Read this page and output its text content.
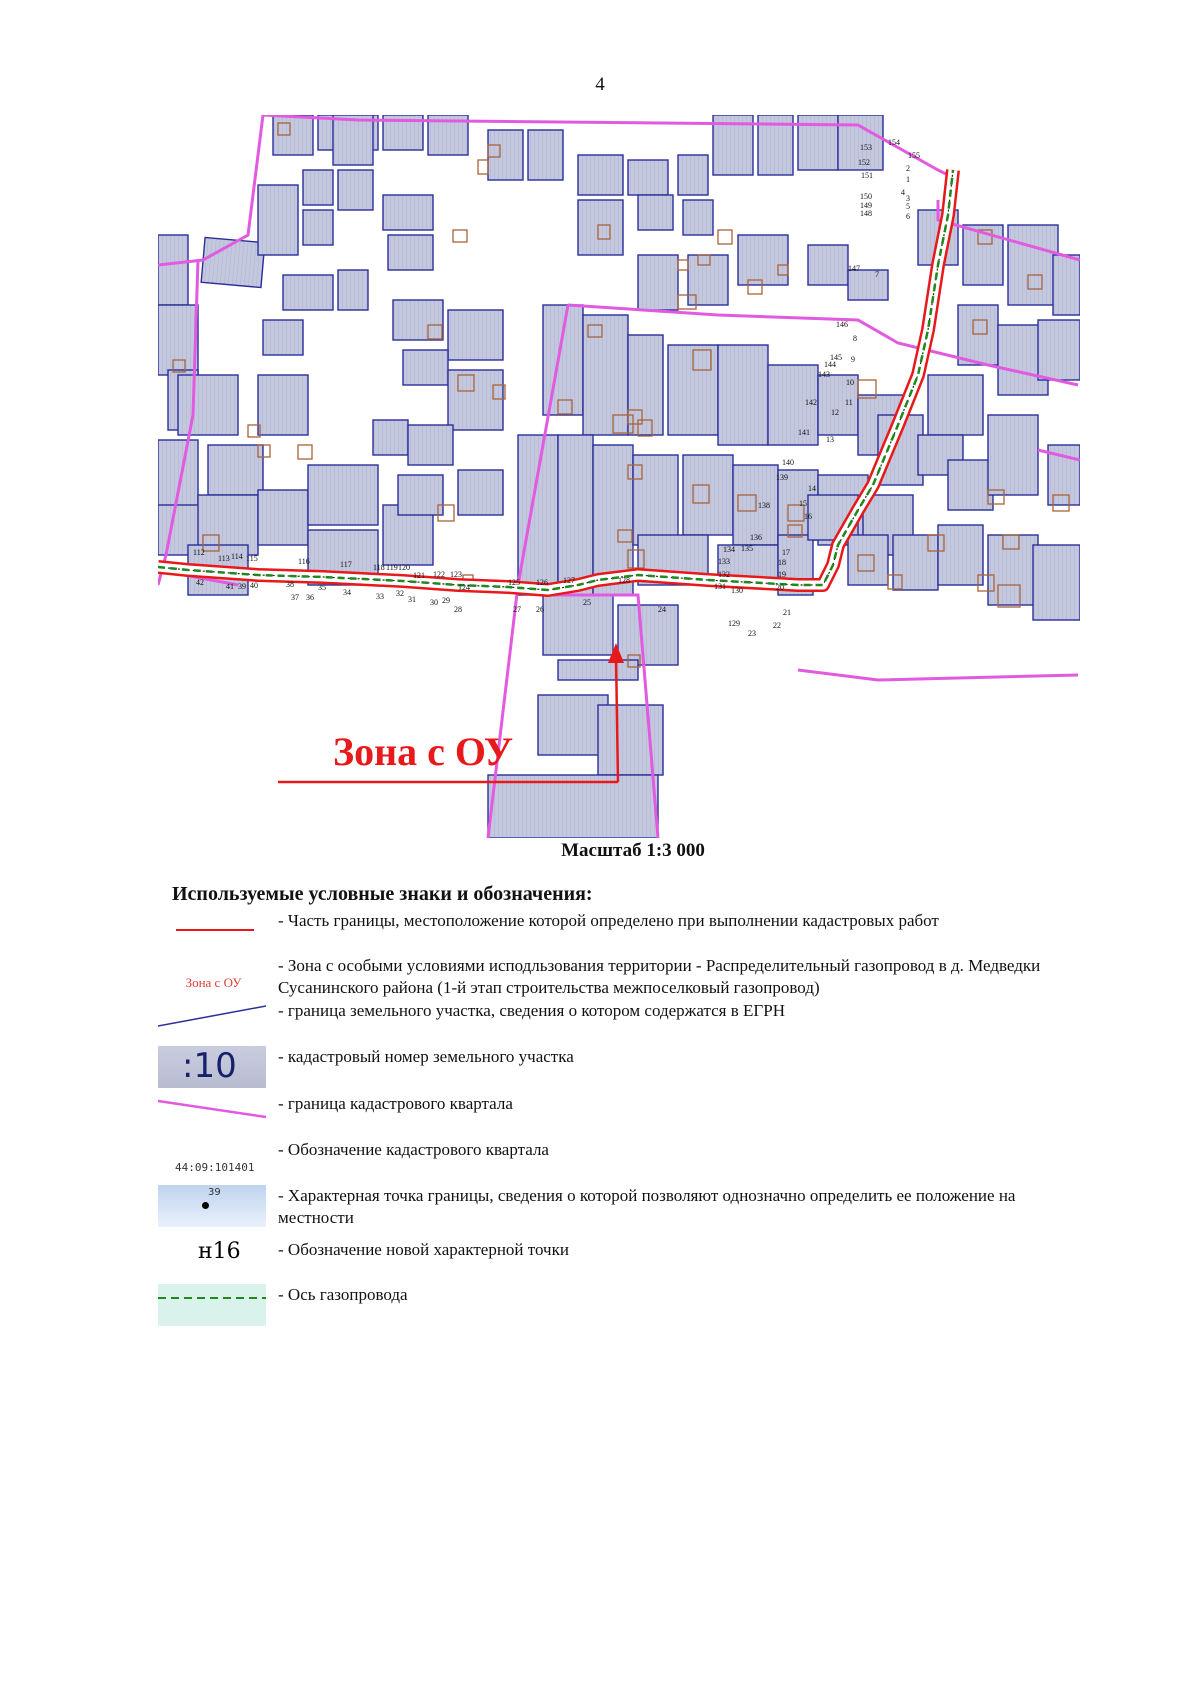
4
112
113 114 115	116	117	118 119 120
121 122 123
124
125 126 127	128
42	41 39 40	38
37 36
35
34	33 32
31 30 29
28	27 26
25
24
153
154
152
151
150
149
148
155
2
1
4
3
5
6
7
147
146
145
144
143
8
9
10
12
11
142
141
13
140
139
14
15
16
138
136
134 135
133
132
131 130
17
18
19
20
21
22
23
129
Зона с ОУ
Масштаб 1:3 000
Используемые условные знаки и обозначения:
- Часть границы, местоположение которой определено при выполнении кадастровых работ
Зона с ОУ
- Зона с особыми условиями исподльзования территории - Распределительный газопровод в д. Медведки Сусанинского района (1-й этап строительства межпоселковый газопровод)
- граница земельного участка, сведения о котором содержатся в ЕГРН
:10	- кадастровый номер земельного участка
- граница кадастрового квартала
44:09:101401
- Обозначение кадастрового квартала
39	- Характерная точка границы, сведения о которой позволяют однозначно определить ее положение на местности
н16 - Обозначение новой характерной точки
- Ось газопровода
